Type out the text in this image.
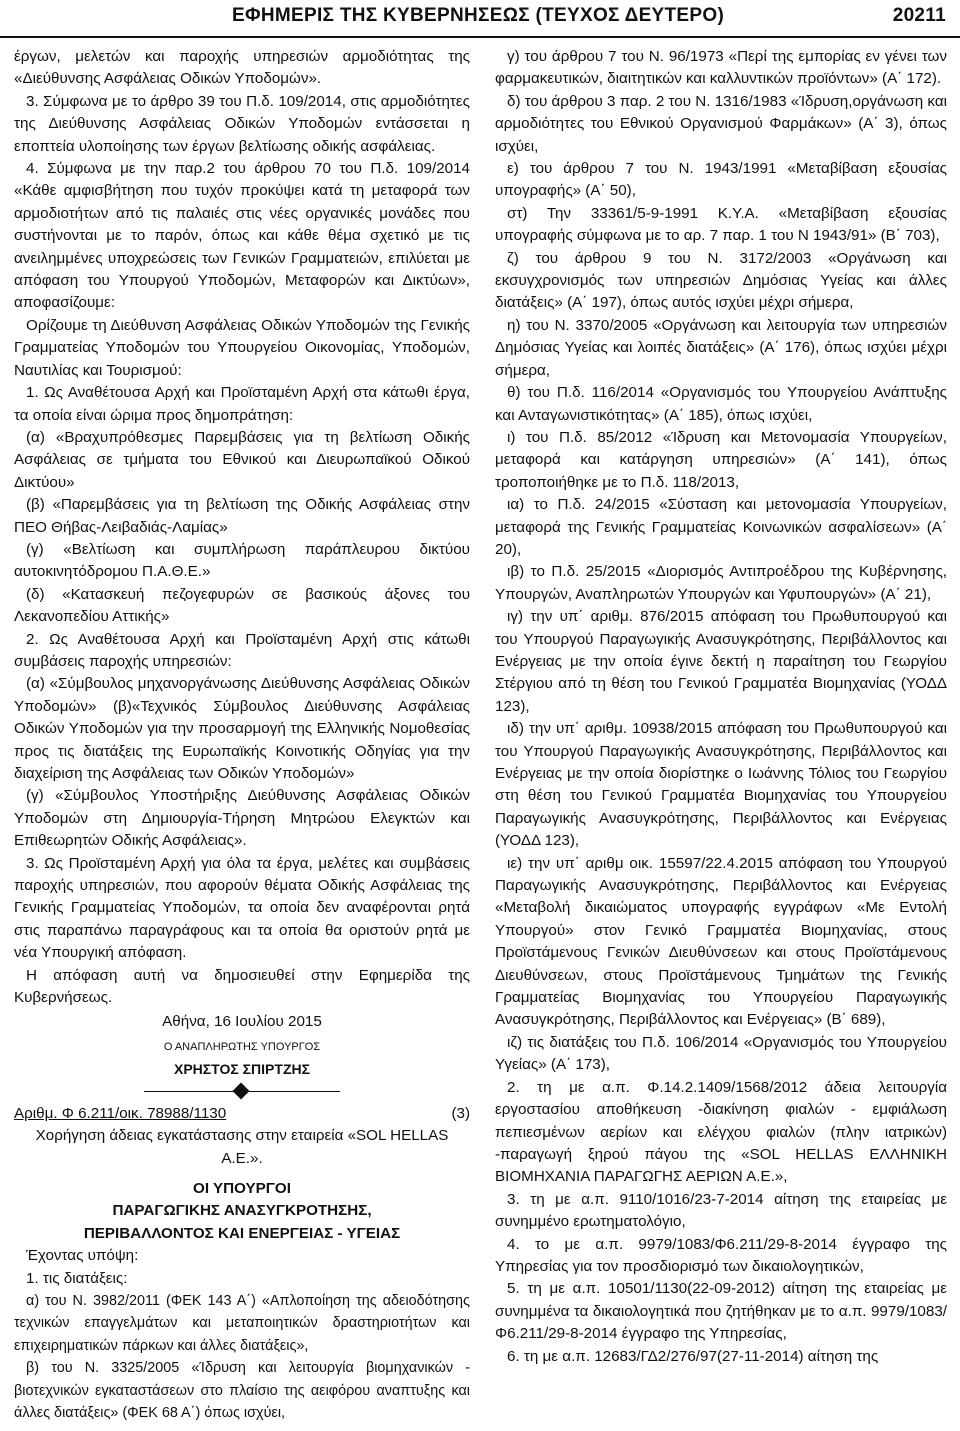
ΕΦΗΜΕΡΙΣ ΤΗΣ ΚΥΒΕΡΝΗΣΕΩΣ (ΤΕΥΧΟΣ ΔΕΥΤΕΡΟ)	20211

έργων, μελετών και παροχής υπηρεσιών αρμοδιότητας της «Διεύθυνσης Ασφάλειας Οδικών Υποδομών».

3. Σύμφωνα με το άρθρο 39 του Π.δ. 109/2014, στις αρμοδιότητες της Διεύθυνσης Ασφάλειας Οδικών Υποδομών εντάσσεται η εποπτεία υλοποίησης των έργων βελτίωσης οδικής ασφάλειας.

4. Σύμφωνα με την παρ.2 του άρθρου 70 του Π.δ. 109/2014 «Κάθε αμφισβήτηση που τυχόν προκύψει κατά τη μεταφορά των αρμοδιοτήτων από τις παλαιές στις νέες οργανικές μονάδες που συστήνονται με το παρόν, όπως και κάθε θέμα σχετικό με τις ανειλημμένες υποχρεώσεις των Γενικών Γραμματειών, επιλύεται με απόφαση του Υπουργού Υποδομών, Μεταφορών και Δικτύων», αποφασίζουμε:

Ορίζουμε τη Διεύθυνση Ασφάλειας Οδικών Υποδομών της Γενικής Γραμματείας Υποδομών του Υπουργείου Οικονομίας, Υποδομών, Ναυτιλίας και Τουρισμού:

1. Ως Αναθέτουσα Αρχή και Προϊσταμένη Αρχή στα κάτωθι έργα, τα οποία είναι ώριμα προς δημοπράτηση:

(α) «Βραχυπρόθεσμες Παρεμβάσεις για τη βελτίωση Οδικής Ασφάλειας σε τμήματα του Εθνικού και Διευρωπαϊκού Οδικού Δικτύου»

(β) «Παρεμβάσεις για τη βελτίωση της Οδικής Ασφάλειας στην ΠΕΟ Θήβας-Λειβαδιάς-Λαμίας»

(γ) «Βελτίωση και συμπλήρωση παράπλευρου δικτύου αυτοκινητόδρομου Π.Α.Θ.Ε.»

(δ) «Κατασκευή πεζογεφυρών σε βασικούς άξονες του Λεκανοπεδίου Αττικής»

2. Ως Αναθέτουσα Αρχή και Προϊσταμένη Αρχή στις κάτωθι συμβάσεις παροχής υπηρεσιών:

(α) «Σύμβουλος μηχανοργάνωσης Διεύθυνσης Ασφάλειας Οδικών Υποδομών» (β)«Τεχνικός Σύμβουλος Διεύθυνσης Ασφάλειας Οδικών Υποδομών για την προσαρμογή της Ελληνικής Νομοθεσίας προς τις διατάξεις της Ευρωπαϊκής Κοινοτικής Οδηγίας για την διαχείριση της Ασφάλειας των Οδικών Υποδομών»

(γ) «Σύμβουλος Υποστήριξης Διεύθυνσης Ασφάλειας Οδικών Υποδομών στη Δημιουργία-Τήρηση Μητρώου Ελεγκτών και Επιθεωρητών Οδικής Ασφάλειας».

3. Ως Προϊσταμένη Αρχή για όλα τα έργα, μελέτες και συμβάσεις παροχής υπηρεσιών, που αφορούν θέματα Οδικής Ασφάλειας της Γενικής Γραμματείας Υποδομών, τα οποία δεν αναφέρονται ρητά στις παραπάνω παραγράφους και τα οποία θα οριστούν ρητά με νέα Υπουργική απόφαση.

Η απόφαση αυτή να δημοσιευθεί στην Εφημερίδα της Κυβερνήσεως.

Αθήνα, 16 Ιουλίου 2015

Ο ΑΝΑΠΛΗΡΩΤΗΣ ΥΠΟΥΡΓΟΣ

ΧΡΗΣΤΟΣ ΣΠΙΡΤΖΗΣ

Αριθμ. Φ 6.211/οικ. 78988/1130	(3)

Χορήγηση άδειας εγκατάστασης στην εταιρεία «SOL HELLAS Α.Ε.».

ΟΙ ΥΠΟΥΡΓΟΙ

ΠΑΡΑΓΩΓΙΚΗΣ ΑΝΑΣΥΓΚΡΟΤΗΣΗΣ,

ΠΕΡΙΒΑΛΛΟΝΤΟΣ ΚΑΙ ΕΝΕΡΓΕΙΑΣ - ΥΓΕΙΑΣ

Έχοντας υπόψη:

1. τις διατάξεις:

α) του Ν. 3982/2011 (ΦΕΚ 143 Α΄) «Απλοποίηση της αδειοδότησης τεχνικών επαγγελμάτων και μεταποιητικών δραστηριοτήτων και επιχειρηματικών πάρκων και άλλες διατάξεις»,

β) του Ν. 3325/2005 «Ίδρυση και λειτουργία βιομηχανικών - βιοτεχνικών εγκαταστάσεων στο πλαίσιο της αειφόρου αναπτυξης και άλλες διατάξεις» (ΦΕΚ 68 Α΄) όπως ισχύει,

γ) του άρθρου 7 του Ν. 96/1973 «Περί της εμπορίας εν γένει των φαρμακευτικών, διαιτητικών και καλλυντικών προϊόντων» (Α΄ 172).

δ) του άρθρου 3 παρ. 2 του Ν. 1316/1983 «Ίδρυση,οργάνωση και αρμοδιότητες του Εθνικού Οργανισμού Φαρμάκων» (Α΄ 3), όπως ισχύει,

ε) του άρθρου 7 του Ν. 1943/1991 «Μεταβίβαση εξουσίας υπογραφής» (Α΄ 50),

στ) Την 33361/5-9-1991 Κ.Υ.Α. «Μεταβίβαση εξουσίας υπογραφής σύμφωνα με το αρ. 7 παρ. 1 του Ν 1943/91» (Β΄ 703),

ζ) του άρθρου 9 του Ν. 3172/2003 «Οργάνωση και εκσυγχρονισμός των υπηρεσιών Δημόσιας Υγείας και άλλες διατάξεις» (Α΄ 197), όπως αυτός ισχύει μέχρι σήμερα,

η) του Ν. 3370/2005 «Οργάνωση και λειτουργία των υπηρεσιών Δημόσιας Υγείας και λοιπές διατάξεις» (Α΄ 176), όπως ισχύει μέχρι σήμερα,

θ) του Π.δ. 116/2014 «Οργανισμός του Υπουργείου Ανάπτυξης και Ανταγωνιστικότητας» (Α΄ 185), όπως ισχύει,

ι) του Π.δ. 85/2012 «Ίδρυση και Μετονομασία Υπουργείων, μεταφορά και κατάργηση υπηρεσιών» (Α΄ 141), όπως τροποποιήθηκε με το Π.δ. 118/2013,

ια) το Π.δ. 24/2015 «Σύσταση και μετονομασία Υπουργείων, μεταφορά της Γενικής Γραμματείας Κοινωνικών ασφαλίσεων» (Α΄ 20),

ιβ) το Π.δ. 25/2015 «Διορισμός Αντιπροέδρου της Κυβέρνησης, Υπουργών, Αναπληρωτών Υπουργών και Υφυπουργών» (Α΄ 21),

ιγ) την υπ΄ αριθμ. 876/2015 απόφαση του Πρωθυπουργού και του Υπουργού Παραγωγικής Ανασυγκρότησης, Περιβάλλοντος και Ενέργειας με την οποία έγινε δεκτή η παραίτηση του Γεωργίου Στέργιου από τη θέση του Γενικού Γραμματέα Βιομηχανίας (ΥΟΔΔ 123),

ιδ) την υπ΄ αριθμ. 10938/2015 απόφαση του Πρωθυπουργού και του Υπουργού Παραγωγικής Ανασυγκρότησης, Περιβάλλοντος και Ενέργειας με την οποία διορίστηκε ο Ιωάννης Τόλιος του Γεωργίου στη θέση του Γενικού Γραμματέα Βιομηχανίας του Υπουργείου Παραγωγικής Ανασυγκρότησης, Περιβάλλοντος και Ενέργειας (ΥΟΔΔ 123),

ιε) την υπ΄ αριθμ οικ. 15597/22.4.2015 απόφαση του Υπουργού Παραγωγικής Ανασυγκρότησης, Περιβάλλοντος και Ενέργειας «Μεταβολή δικαιώματος υπογραφής εγγράφων «Με Εντολή Υπουργού» στον Γενικό Γραμματέα Βιομηχανίας, στους Προϊστάμενους Γενικών Διευθύνσεων και στους Προϊστάμενους Διευθύνσεων, στους Προϊστάμενους Τμημάτων της Γενικής Γραμματείας Βιομηχανίας του Υπουργείου Παραγωγικής Ανασυγκρότησης, Περιβάλλοντος και Ενέργειας» (Β΄ 689),

ιζ) τις διατάξεις του Π.δ. 106/2014 «Οργανισμός του Υπουργείου Υγείας» (Α΄ 173),

2. τη με α.π. Φ.14.2.1409/1568/2012 άδεια λειτουργία εργοστασίου αποθήκευση -διακίνηση φιαλών - εμφιάλωση πεπιεσμένων αερίων και ελέγχου φιαλών (πλην ιατρικών) -παραγωγή ξηρού πάγου της «SOL HELLAS ΕΛΛΗΝΙΚΗ ΒΙΟΜΗΧΑΝΙΑ ΠΑΡΑΓΩΓΗΣ ΑΕΡΙΩΝ Α.Ε.»,

3. τη με α.π. 9110/1016/23-7-2014 αίτηση της εταιρείας με συνημμένο ερωτηματολόγιο,

4. το με α.π. 9979/1083/Φ6.211/29-8-2014 έγγραφο της Υπηρεσίας για τον προσδιορισμό των δικαιολογητικών,

5. τη με α.π. 10501/1130(22-09-2012) αίτηση της εταιρείας με συνημμένα τα δικαιολογητικά που ζητήθηκαν με το α.π. 9979/1083/Φ6.211/29-8-2014 έγγραφο της Υπηρεσίας,

6. τη με α.π. 12683/ΓΔ2/276/97(27-11-2014) αίτηση της
